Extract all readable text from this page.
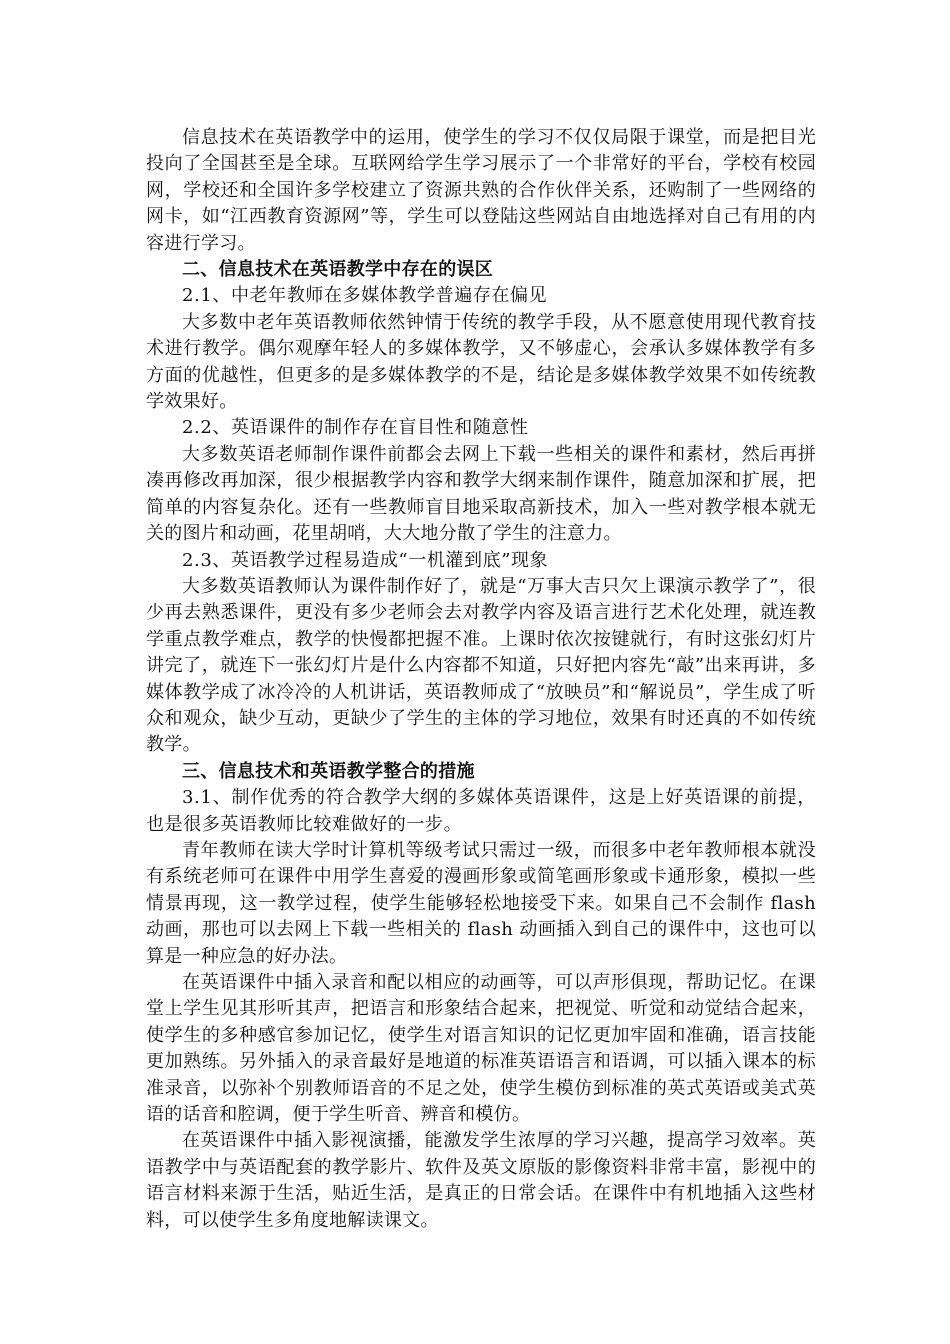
信息技术在英语教学中的运用，使学生的学习不仅仅局限于课堂，而是把目光投向了全国甚至是全球。互联网给学生学习展示了一个非常好的平台，学校有校园网，学校还和全国许多学校建立了资源共熟的合作伙伴关系，还购制了一些网络的网卡，如“江西教育资源网”等，学生可以登陆这些网站自由地选择对自己有用的内容进行学习。

二、信息技术在英语教学中存在的误区

2.1、中老年教师在多媒体教学普遍存在偏见

大多数中老年英语教师依然钟情于传统的教学手段，从不愿意使用现代教育技术进行教学。偶尔观摩年轻人的多媒体教学，又不够虚心，会承认多媒体教学有多方面的优越性，但更多的是多媒体教学的不是，结论是多媒体教学效果不如传统教学效果好。

2.2、英语课件的制作存在盲目性和随意性

大多数英语老师制作课件前都会去网上下载一些相关的课件和素材，然后再拼凑再修改再加深，很少根据教学内容和教学大纲来制作课件，随意加深和扩展，把简单的内容复杂化。还有一些教师盲目地采取高新技术，加入一些对教学根本就无关的图片和动画，花里胡哨，大大地分散了学生的注意力。

2.3、英语教学过程易造成“一机灌到底”现象

大多数英语教师认为课件制作好了，就是“万事大吉只欠上课演示教学了”，很少再去熟悉课件，更没有多少老师会去对教学内容及语言进行艺术化处理，就连教学重点教学难点，教学的快慢都把握不准。上课时依次按键就行，有时这张幻灯片讲完了，就连下一张幻灯片是什么内容都不知道，只好把内容先“敲”出来再讲，多媒体教学成了冰冷冷的人机讲话，英语教师成了“放映员”和“解说员”，学生成了听众和观众，缺少互动，更缺少了学生的主体的学习地位，效果有时还真的不如传统教学。

三、信息技术和英语教学整合的措施

3.1、制作优秀的符合教学大纲的多媒体英语课件，这是上好英语课的前提，也是很多英语教师比较难做好的一步。

青年教师在读大学时计算机等级考试只需过一级，而很多中老年教师根本就没有系统老师可在课件中用学生喜爱的漫画形象或简笔画形象或卡通形象，模拟一些情景再现，这一教学过程，使学生能够轻松地接受下来。如果自己不会制作 flash 动画，那也可以去网上下载一些相关的 flash 动画插入到自己的课件中，这也可以算是一种应急的好办法。

在英语课件中插入录音和配以相应的动画等，可以声形俱现，帮助记忆。在课堂上学生见其形听其声，把语言和形象结合起来，把视觉、听觉和动觉结合起来，使学生的多种感官参加记忆，使学生对语言知识的记忆更加牢固和准确，语言技能更加熟练。另外插入的录音最好是地道的标准英语语言和语调，可以插入课本的标准录音，以弥补个别教师语音的不足之处，使学生模仿到标准的英式英语或美式英语的话音和腔调，便于学生听音、辨音和模仿。

在英语课件中插入影视演播，能激发学生浓厚的学习兴趣，提高学习效率。英语教学中与英语配套的教学影片、软件及英文原版的影像资料非常丰富，影视中的语言材料来源于生活，贴近生活，是真正的日常会话。在课件中有机地插入这些材料，可以使学生多角度地解读课文。
